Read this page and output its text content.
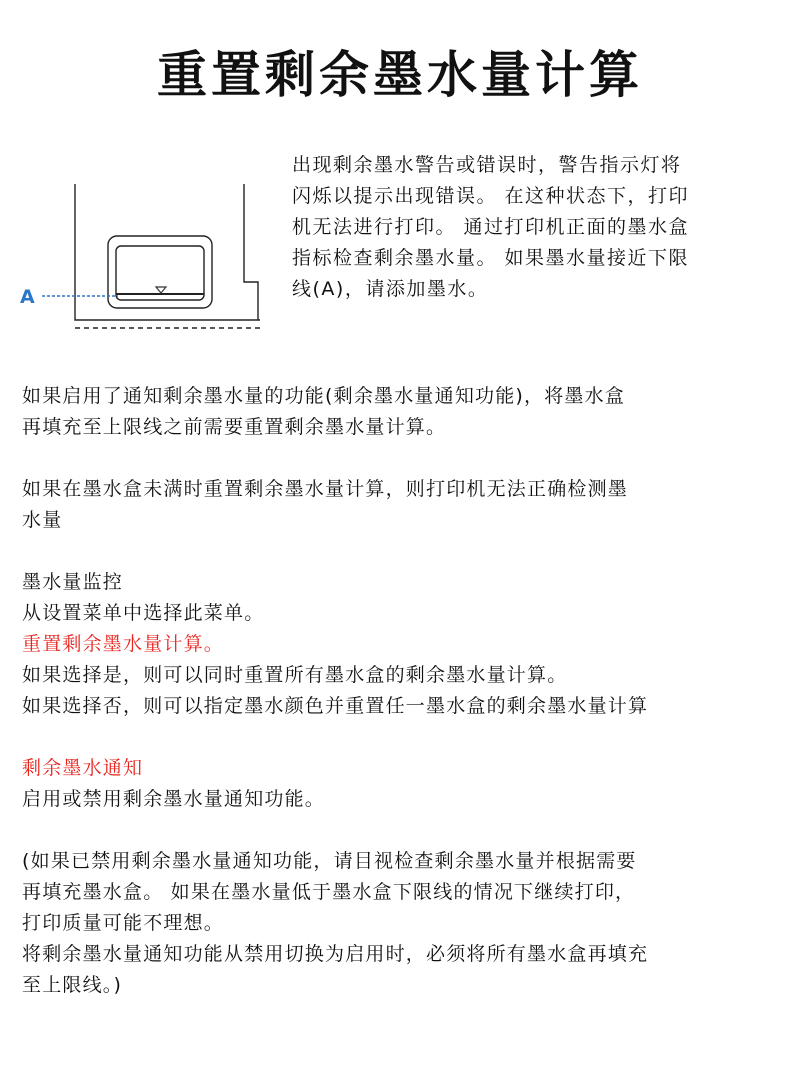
重置剩余墨水量计算
A
出现剩余墨水警告或错误时，警告指示灯将
闪烁以提示出现错误。 在这种状态下，打印
机无法进行打印。 通过打印机正面的墨水盒
指标检查剩余墨水量。 如果墨水量接近下限
线(A)，请添加墨水。
如果启用了通知剩余墨水量的功能(剩余墨水量通知功能)，将墨水盒
再填充至上限线之前需要重置剩余墨水量计算。
如果在墨水盒未满时重置剩余墨水量计算，则打印机无法正确检测墨
水量
墨水量监控
从设置菜单中选择此菜单。
重置剩余墨水量计算。
如果选择是，则可以同时重置所有墨水盒的剩余墨水量计算。
如果选择否，则可以指定墨水颜色并重置任一墨水盒的剩余墨水量计算
剩余墨水通知
启用或禁用剩余墨水量通知功能。
(如果已禁用剩余墨水量通知功能，请目视检查剩余墨水量并根据需要
再填充墨水盒。 如果在墨水量低于墨水盒下限线的情况下继续打印，
打印质量可能不理想。
将剩余墨水量通知功能从禁用切换为启用时，必须将所有墨水盒再填充
至上限线。)
